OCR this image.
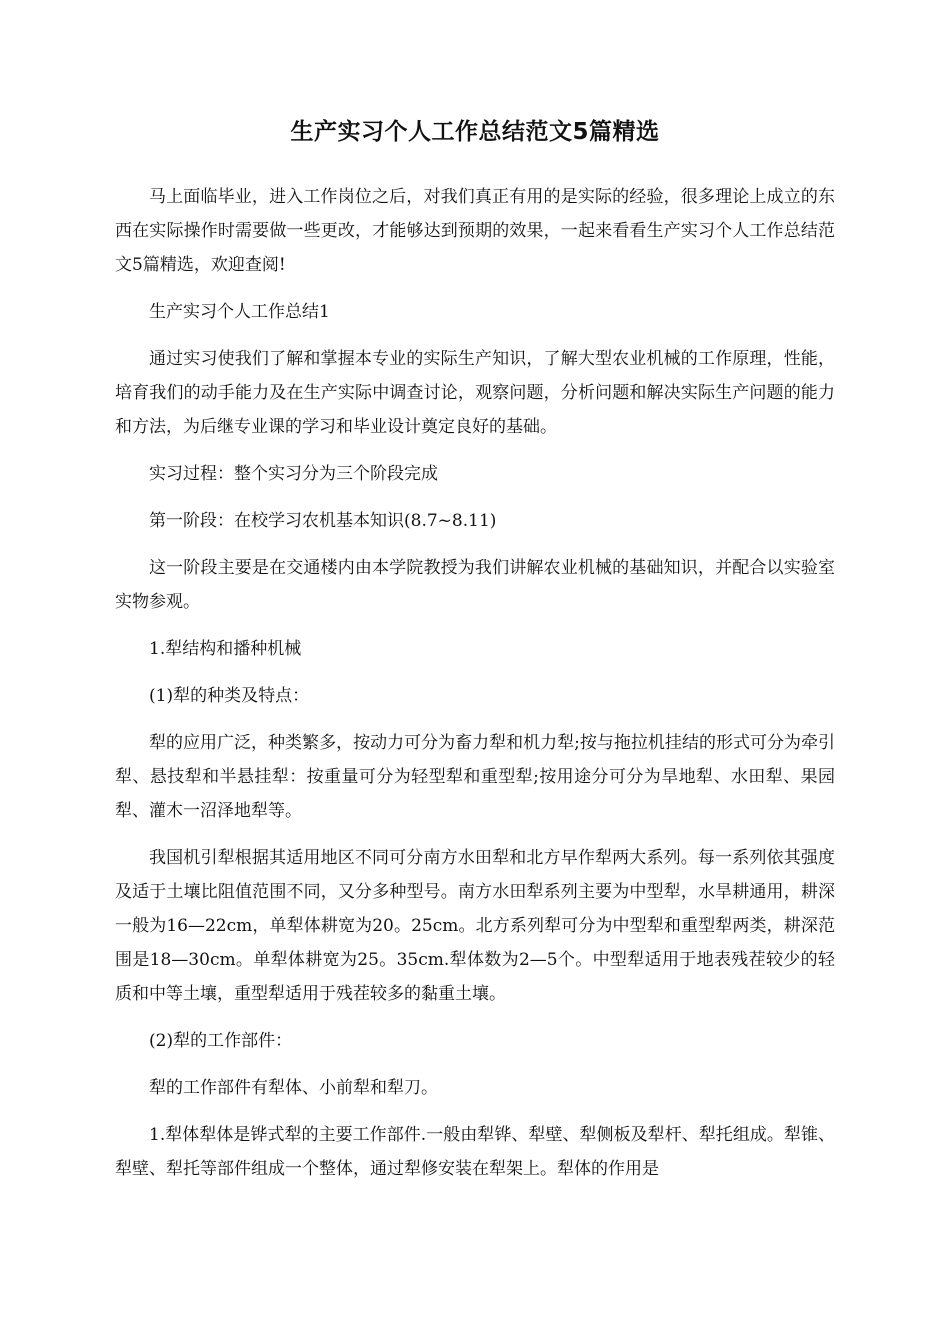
生产实习个人工作总结范文5篇精选

马上面临毕业，进入工作岗位之后，对我们真正有用的是实际的经验，很多理论上成立的东西在实际操作时需要做一些更改，才能够达到预期的效果，一起来看看生产实习个人工作总结范文5篇精选，欢迎查阅!

生产实习个人工作总结1

通过实习使我们了解和掌握本专业的实际生产知识，了解大型农业机械的工作原理，性能，培育我们的动手能力及在生产实际中调查讨论，观察问题，分析问题和解决实际生产问题的能力和方法，为后继专业课的学习和毕业设计奠定良好的基础。

实习过程：整个实习分为三个阶段完成

第一阶段：在校学习农机基本知识(8.7~8.11)

这一阶段主要是在交通楼内由本学院教授为我们讲解农业机械的基础知识，并配合以实验室实物参观。

1.犁结构和播种机械

(1)犁的种类及特点：

犁的应用广泛，种类繁多，按动力可分为畜力犁和机力犁;按与拖拉机挂结的形式可分为牵引犁、悬技犁和半悬挂犁：按重量可分为轻型犁和重型犁;按用途分可分为旱地犁、水田犁、果园犁、灌木一沼泽地犁等。

我国机引犁根据其适用地区不同可分南方水田犁和北方早作犁两大系列。每一系列依其强度及适于土壤比阻值范围不同，又分多种型号。南方水田犁系列主要为中型犁，水旱耕通用，耕深一般为16—22cm，单犁体耕宽为20。25cm。北方系列犁可分为中型犁和重型犁两类，耕深范围是18—30cm。单犁体耕宽为25。35cm.犁体数为2—5个。中型犁适用于地表残茬较少的轻质和中等土壤，重型犁适用于残茬较多的黏重土壤。

(2)犁的工作部件：

犁的工作部件有犁体、小前犁和犁刀。

1.犁体犁体是铧式犁的主要工作部件.一般由犁铧、犁壁、犁侧板及犁杆、犁托组成。犁锥、犁壁、犁托等部件组成一个整体，通过犁修安装在犁架上。犁体的作用是
